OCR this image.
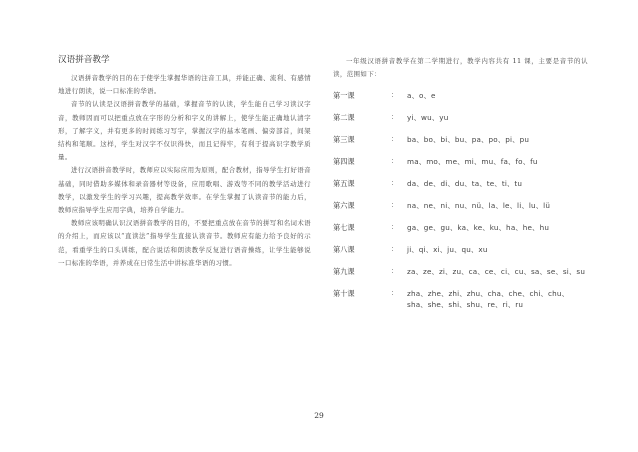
汉语拼音教学

汉语拼音教学的目的在于使学生掌握华语的注音工具，并能正确、流利、有感情地进行朗读，说一口标准的华语。

音节的认读是汉语拼音教学的基础，掌握音节的认读，学生能自己学习读汉字音，教师因而可以把重点放在字形的分析和字义的讲解上，使学生能正确地认清字形，了解字义，并有更多的时间练习写字，掌握汉字的基本笔画、偏旁部首，间架结构和笔顺。这样，学生对汉字不仅识得快，而且记得牢，有利于提高识字教学质量。

进行汉语拼音教学时，教师应以实际应用为原则，配合教材，指导学生打好语音基础，同时借助多媒体和录音器材等设备，应用歌唱、游戏等不同的教学活动进行教学，以激发学生的学习兴趣，提高教学效率。在学生掌握了认读音节的能力后，教师应指导学生应用字典，培养自学能力。

教师应该明确认识汉语拼音教学的目的，不要把重点放在音节的拼写和名词术语的介绍上，而应该以“直读法”指导学生直接认读音节。教师应有能力给予良好的示范，看重学生的口头训练，配合说话和朗读教学反复进行语音操练，让学生能够说一口标准的华语，并养成在日常生活中讲标准华语的习惯。

一年级汉语拼音教学在第二学期进行，教学内容共有 11 课，主要是音节的认读，范围如下：

第一课	：	a、o、e
第二课	：	yi、wu、yu
第三课	：	ba、bo、bi、bu、pa、po、pi、pu
第四课	：	ma、mo、me、mi、mu、fa、fo、fu
第五课	：	da、de、di、du、ta、te、ti、tu
第六课	：	na、ne、ni、nu、nü、la、le、li、lu、lü
第七课	：	ga、ge、gu、ka、ke、ku、ha、he、hu
第八课	：	ji、qi、xi、ju、qu、xu
第九课	：	za、ze、zi、zu、ca、ce、ci、cu、sa、se、si、su
第十课	：	zha、zhe、zhi、zhu、cha、che、chi、chu、sha、she、shi、shu、re、ri、ru
29
